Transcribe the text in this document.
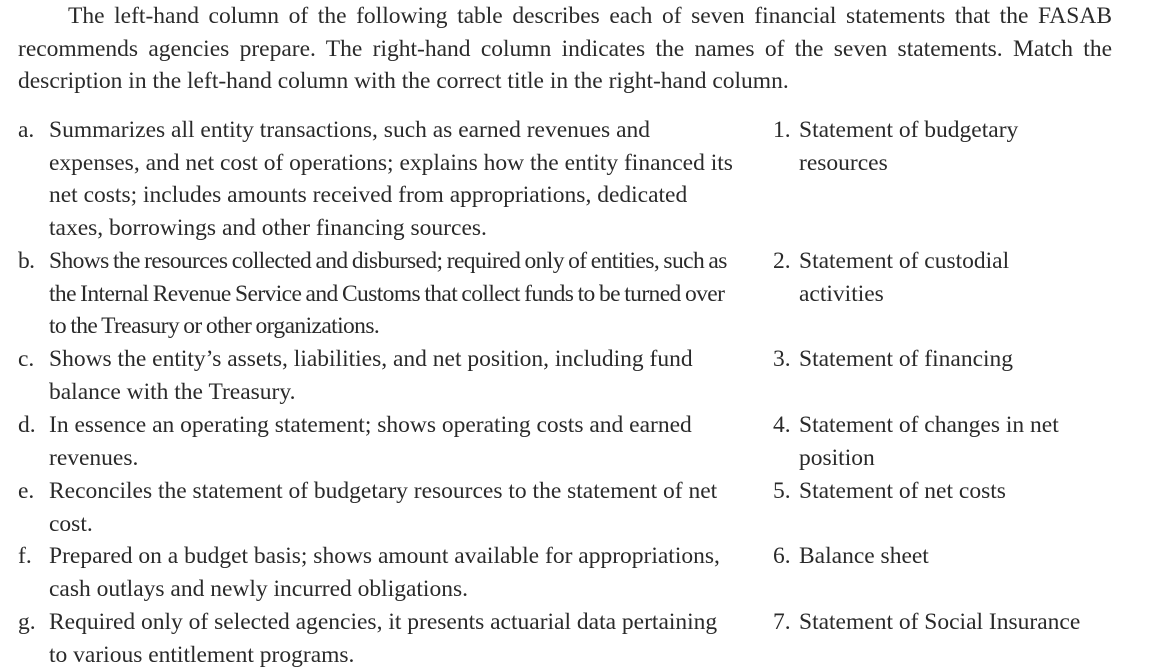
The left-hand column of the following table describes each of seven financial statements that the FASAB recommends agencies prepare. The right-hand column indicates the names of the seven statements. Match the description in the left-hand column with the correct title in the right-hand column.

a. Summarizes all entity transactions, such as earned revenues and expenses, and net cost of operations; explains how the entity financed its net costs; includes amounts received from appropriations, dedicated taxes, borrowings and other financing sources.

b. Shows the resources collected and disbursed; required only of entities, such as the Internal Revenue Service and Customs that collect funds to be turned over to the Treasury or other organizations.

c. Shows the entity’s assets, liabilities, and net position, including fund balance with the Treasury.

d. In essence an operating statement; shows operating costs and earned revenues.

e. Reconciles the statement of budgetary resources to the statement of net cost.

f. Prepared on a budget basis; shows amount available for appropriations, cash outlays and newly incurred obligations.

g. Required only of selected agencies, it presents actuarial data pertaining to various entitlement programs.

1. Statement of budgetary resources

2. Statement of custodial activities

3. Statement of financing

4. Statement of changes in net position

5. Statement of net costs

6. Balance sheet

7. Statement of Social Insurance
